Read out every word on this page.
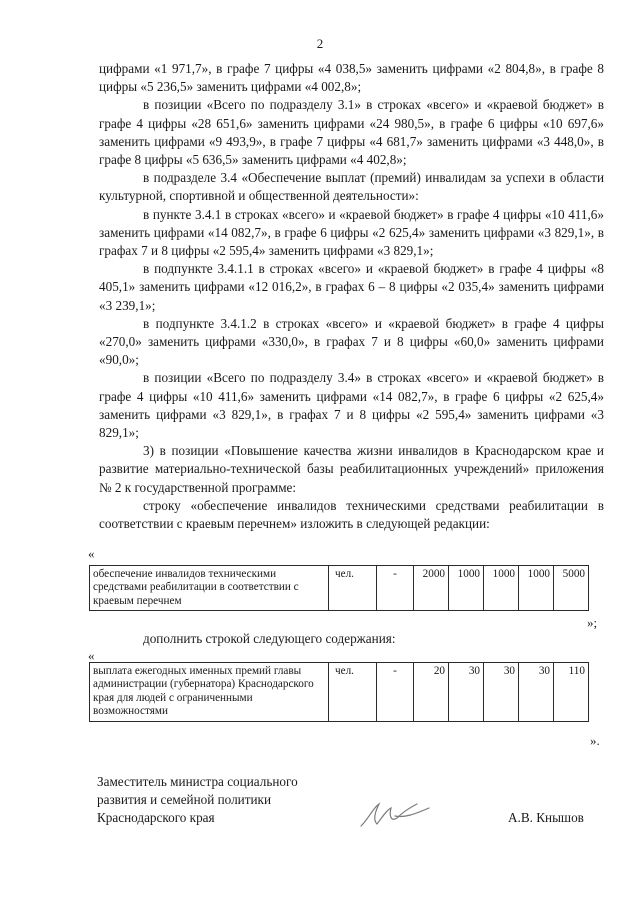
2

цифрами «1 971,7», в графе 7 цифры «4 038,5» заменить цифрами «2 804,8», в графе 8 цифры «5 236,5» заменить цифрами «4 002,8»;

в позиции «Всего по подразделу 3.1» в строках «всего» и «краевой бюджет» в графе 4 цифры «28 651,6» заменить цифрами «24 980,5», в графе 6 цифры «10 697,6» заменить цифрами «9 493,9», в графе 7 цифры «4 681,7» заменить цифрами «3 448,0», в графе 8 цифры «5 636,5» заменить цифрами «4 402,8»;

в подразделе 3.4 «Обеспечение выплат (премий) инвалидам за успехи в области культурной, спортивной и общественной деятельности»:

в пункте 3.4.1 в строках «всего» и «краевой бюджет» в графе 4 цифры «10 411,6» заменить цифрами «14 082,7», в графе 6 цифры «2 625,4» заменить цифрами «3 829,1», в графах 7 и 8 цифры «2 595,4» заменить цифрами «3 829,1»;

в подпункте 3.4.1.1 в строках «всего» и «краевой бюджет» в графе 4 цифры «8 405,1» заменить цифрами «12 016,2», в графах 6 – 8 цифры «2 035,4» заменить цифрами «3 239,1»;

в подпункте 3.4.1.2 в строках «всего» и «краевой бюджет» в графе 4 цифры «270,0» заменить цифрами «330,0», в графах 7 и 8 цифры «60,0» заменить цифрами «90,0»;

в позиции «Всего по подразделу 3.4» в строках «всего» и «краевой бюджет» в графе 4 цифры «10 411,6» заменить цифрами «14 082,7», в графе 6 цифры «2 625,4» заменить цифрами «3 829,1», в графах 7 и 8 цифры «2 595,4» заменить цифрами «3 829,1»;

3) в позиции «Повышение качества жизни инвалидов в Краснодарском крае и развитие материально-технической базы реабилитационных учреждений» приложения № 2 к государственной программе:

строку «обеспечение инвалидов техническими средствами реабилитации в соответствии с краевым перечнем» изложить в следующей редакции:

«
обеспечение инвалидов техническими средствами реабилитации в соответствии с краевым перечнем	чел.	-	2000	1000	1000	1000	5000
»;
дополнить строкой следующего содержания:
«
выплата ежегодных именных премий главы администрации (губернатора) Краснодарского края для людей с ограниченными возможностями	чел.	-	20	30	30	30	110
».
Заместитель министра социального
развития и семейной политики
Краснодарского края	А.В. Кнышов
